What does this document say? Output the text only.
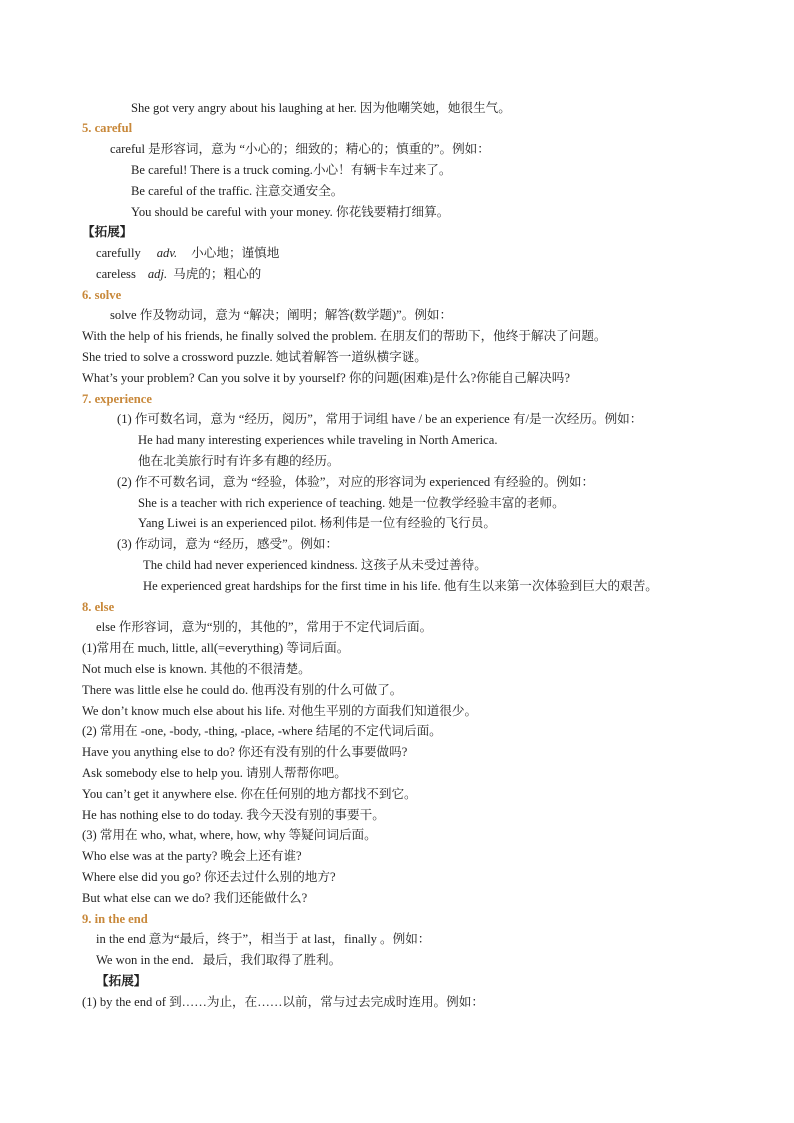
She got very angry about his laughing at her. 因为他嘲笑她，她很生气。
5. careful
careful 是形容词，意为 “小心的；细致的；精心的；慎重的”。例如：
Be careful! There is a truck coming.小心！有辆卡车过来了。
Be careful of the traffic. 注意交通安全。
You should be careful with your money. 你花钱要精打细算。
【拓展】
carefully adv. 小心地；谨慎地
careless adj. 马虎的；粗心的
6. solve
solve 作及物动词，意为 “解决；阐明；解答(数学题)”。例如：
With the help of his friends, he finally solved the problem. 在朋友们的帮助下，他终于解决了问题。
She tried to solve a crossword puzzle. 她试着解答一道纵横字谜。
What’s your problem? Can you solve it by yourself? 你的问题(困难)是什么?你能自己解决吗?
7. experience
(1) 作可数名词，意为 “经历，阅历”，常用于词组 have / be an experience 有/是一次经历。例如：
He had many interesting experiences while traveling in North America.
他在北美旅行时有许多有趣的经历。
(2) 作不可数名词，意为 “经验，体验”，对应的形容词为 experienced 有经验的。例如：
She is a teacher with rich experience of teaching. 她是一位教学经验丰富的老师。
Yang Liwei is an experienced pilot. 杨利伟是一位有经验的飞行员。
(3) 作动词，意为 “经历，感受”。例如：
The child had never experienced kindness. 这孩子从未受过善待。
He experienced great hardships for the first time in his life. 他有生以来第一次体验到巨大的艰苦。
8. else
else 作形容词，意为“别的，其他的”，常用于不定代词后面。
(1)常用在 much, little, all(=everything) 等词后面。
Not much else is known. 其他的不很清楚。
There was little else he could do. 他再没有别的什么可做了。
We don’t know much else about his life. 对他生平别的方面我们知道很少。
(2) 常用在 -one, -body, -thing, -place, -where 结尾的不定代词后面。
Have you anything else to do? 你还有没有别的什么事要做吗?
Ask somebody else to help you. 请别人帮帮你吧。
You can’t get it anywhere else. 你在任何别的地方都找不到它。
He has nothing else to do today. 我今天没有别的事要干。
(3) 常用在 who, what, where, how, why 等疑问词后面。
Who else was at the party? 晚会上还有谁?
Where else did you go? 你还去过什么别的地方?
But what else can we do? 我们还能做什么?
9. in the end
in the end 意为“最后，终于”，相当于 at last，finally 。例如：
We won in the end．最后，我们取得了胜利。
【拓展】
(1) by the end of 到……为止，在……以前，常与过去完成时连用。例如：
